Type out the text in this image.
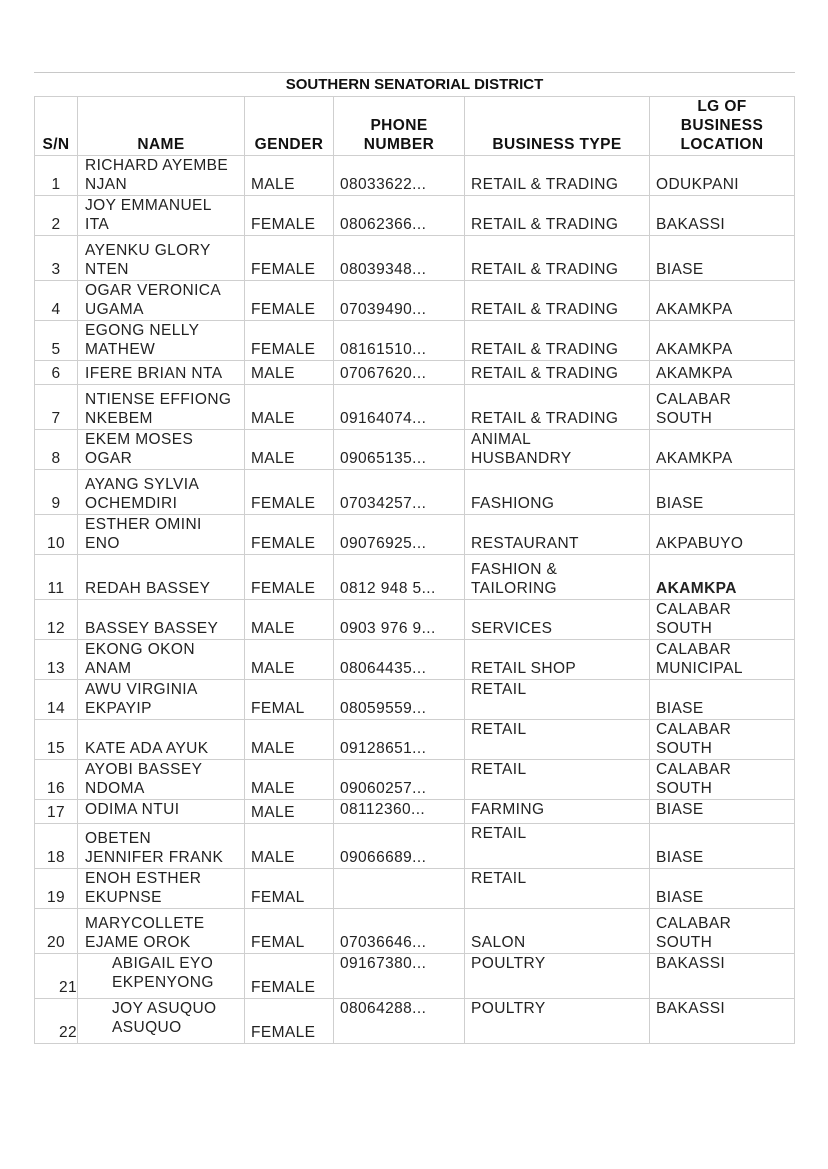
SOUTHERN SENATORIAL DISTRICT
S/N	NAME	GENDER	PHONE
NUMBER	BUSINESS TYPE	LG OF
BUSINESS
LOCATION
1	RICHARD AYEMBE
NJAN	MALE	08033622...	RETAIL & TRADING	ODUKPANI
2	JOY EMMANUEL
ITA	FEMALE	08062366...	RETAIL & TRADING	BAKASSI
3	AYENKU GLORY
NTEN	FEMALE	08039348...	RETAIL & TRADING	BIASE
4	OGAR VERONICA
UGAMA	FEMALE	07039490...	RETAIL & TRADING	AKAMKPA
5	EGONG NELLY
MATHEW	FEMALE	08161510...	RETAIL & TRADING	AKAMKPA
6	IFERE BRIAN NTA	MALE	07067620...	RETAIL & TRADING	AKAMKPA
7	NTIENSE EFFIONG
NKEBEM	MALE	09164074...	RETAIL & TRADING	CALABAR
SOUTH
8	EKEM MOSES
OGAR	MALE	09065135...	ANIMAL
HUSBANDRY	AKAMKPA
9	AYANG SYLVIA
OCHEMDIRI	FEMALE	07034257...	FASHIONG	BIASE
10	ESTHER OMINI
ENO	FEMALE	09076925...	RESTAURANT	AKPABUYO
11	REDAH BASSEY	FEMALE	0812 948 5...	FASHION &
TAILORING	AKAMKPA
12	BASSEY BASSEY	MALE	0903 976 9...	SERVICES	CALABAR
SOUTH
13	EKONG OKON
ANAM	MALE	08064435...	RETAIL SHOP	CALABAR
MUNICIPAL
14	AWU VIRGINIA
EKPAYIP	FEMAL	08059559...	RETAIL	BIASE
15	KATE ADA AYUK	MALE	09128651...	RETAIL	CALABAR
SOUTH
16	AYOBI BASSEY
NDOMA	MALE	09060257...	RETAIL	CALABAR
SOUTH
17	ODIMA NTUI	MALE	08112360...	FARMING	BIASE
18	OBETEN
JENNIFER FRANK	MALE	09066689...	RETAIL	BIASE
19	ENOH ESTHER
EKUPNSE	FEMAL		RETAIL	BIASE
20	MARYCOLLETE
EJAME OROK	FEMAL	07036646...	SALON	CALABAR
SOUTH
21	ABIGAIL EYO
EKPENYONG	FEMALE	09167380...	POULTRY	BAKASSI
22	JOY ASUQUO
ASUQUO	FEMALE	08064288...	POULTRY	BAKASSI
